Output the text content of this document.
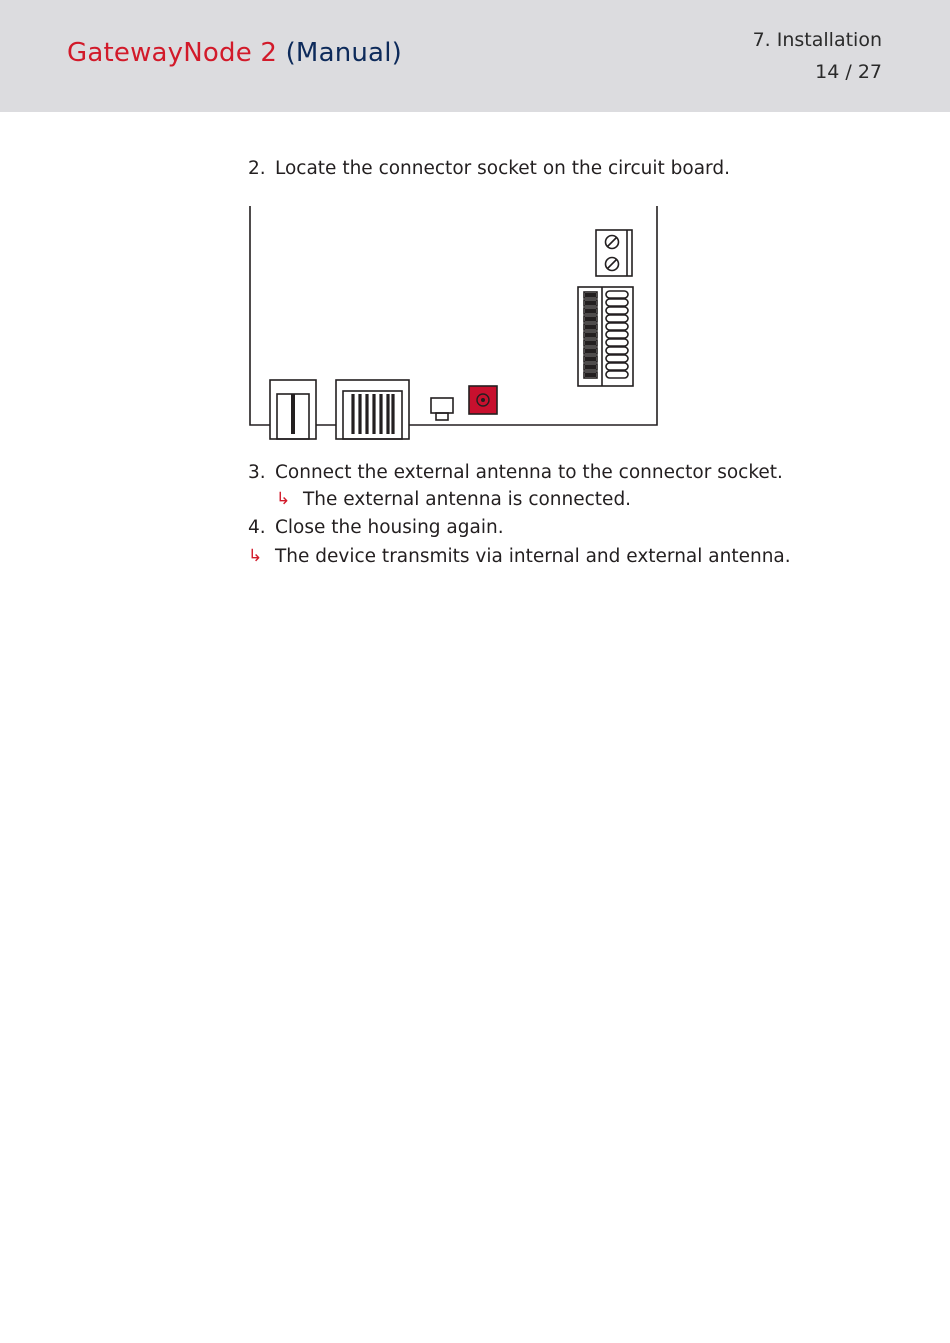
GatewayNode 2 (Manual)	7. Installation
14 / 27
2. Locate the connector socket on the circuit board.
3. Connect the external antenna to the connector socket.
↳ The external antenna is connected.
4. Close the housing again.
↳ The device transmits via internal and external antenna.
